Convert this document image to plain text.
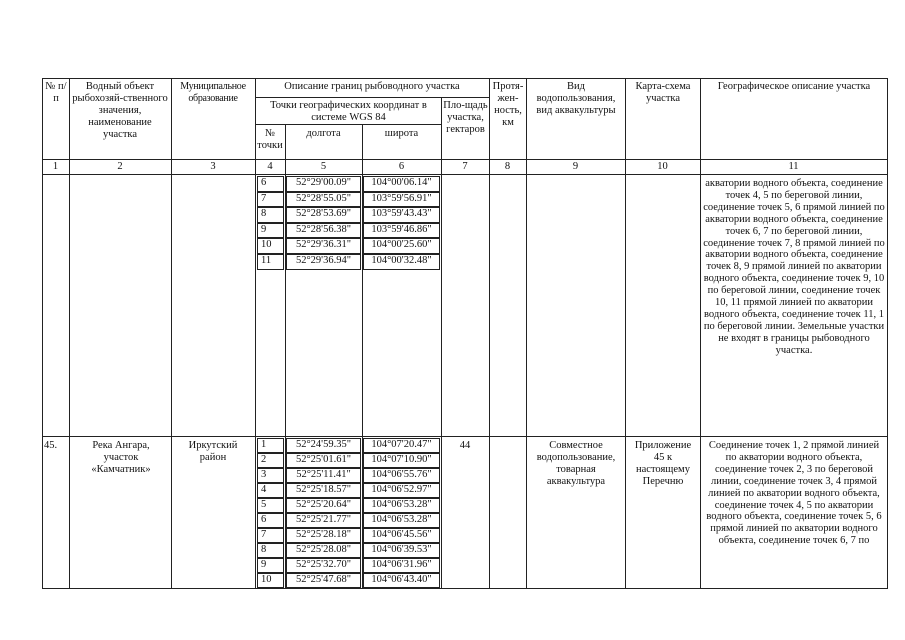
№ п/п
Водный объект рыбохозяй-ственного значения, наименование участка
Муниципальное образование
Описание границ рыбоводного участка
Точки географических координат в системе WGS 84
№ точки
долгота	широта
Пло-щадь участка, гектаров
Протя-жен-ность, км
Вид водопользования, вид аквакультуры
Карта-схема участка
Географическое описание участка
1	2	3	4	5	6	7	8	9	10	11
6	52°29'00.09"	104°00'06.14"
7	52°28'55.05"	103°59'56.91"
8	52°28'53.69"	103°59'43.43"
9	52°28'56.38"	103°59'46.86"
10	52°29'36.31"	104°00'25.60"
11	52°29'36.94"	104°00'32.48"
акватории водного объекта, соединение точек 4, 5 по береговой линии, соединение точек 5, 6 прямой линией по акватории водного объекта, соединение точек 6, 7 по береговой линии, соединение точек 7, 8 прямой линией по акватории водного объекта, соединение точек 8, 9 прямой линией по акватории водного объекта, соединение точек 9, 10 по береговой линии, соединение точек 10, 11 прямой линией по акватории водного объекта, соединение точек 11, 1 по береговой линии. Земельные участки не входят в границы рыбоводного участка.
45.	Река Ангара, участок «Камчатник»
Иркутский район
44	Совместное водопользование, товарная аквакультура
Приложение 45 к настоящему Перечню
1	52°24'59.35"	104°07'20.47"
2	52°25'01.61"	104°07'10.90"
3	52°25'11.41"	104°06'55.76"
4	52°25'18.57"	104°06'52.97"
5	52°25'20.64"	104°06'53.28"
6	52°25'21.77"	104°06'53.28"
7	52°25'28.18"	104°06'45.56"
8	52°25'28.08"	104°06'39.53"
9	52°25'32.70"	104°06'31.96"
10	52°25'47.68"	104°06'43.40"
Соединение точек 1, 2 прямой линией по акватории водного объекта, соединение точек 2, 3 по береговой линии, соединение точек 3, 4 прямой линией по акватории водного объекта, соединение точек 4, 5 по акватории водного объекта, соединение точек 5, 6 прямой линией по акватории водного объекта, соединение точек 6, 7 по
